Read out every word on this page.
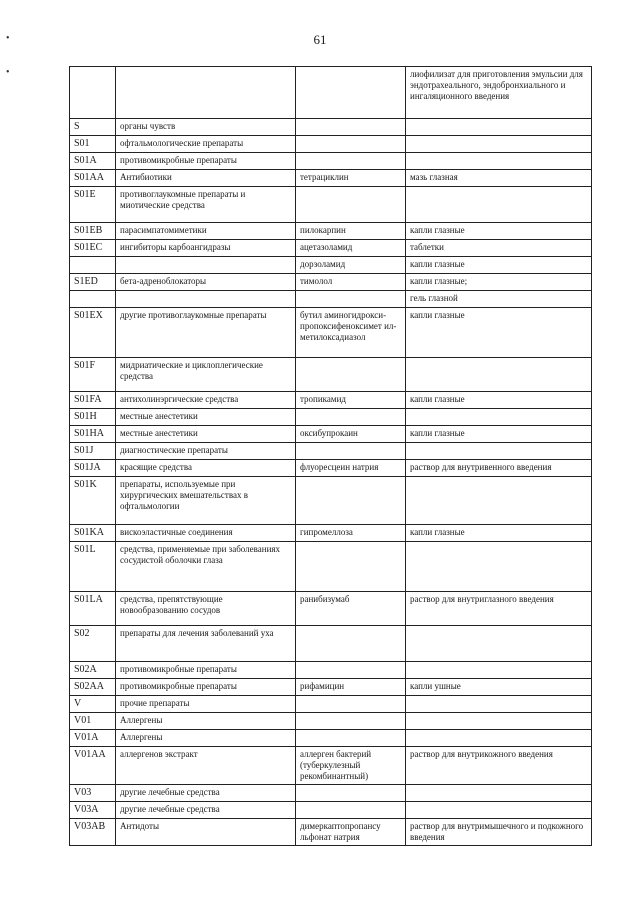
61
•
•
				лиофилизат для приготовления эмульсии для эндотрахеального, эндобронхиального и ингаляционного введения
S	органы чувств		
S01	офтальмологические препараты		
S01A	противомикробные препараты		
S01AA	Антибиотики	тетрациклин	мазь глазная
S01E	противоглаукомные препараты и миотические средства		
S01EB	парасимпатомиметики	пилокарпин	капли глазные
S01EC	ингибиторы карбоангидразы	ацетазоламид	таблетки
		дорзоламид	капли глазные
S1ED	бета-адреноблокаторы	тимолол	капли глазные;
			гель глазной
S01EX	другие противоглаукомные препараты	бутил аминогидрокси-пропоксифеноксимет ил-метилоксадиазол	капли глазные
S01F	мидриатические и циклоплегические средства		
S01FA	антихолинэргические средства	тропикамид	капли глазные
S01H	местные анестетики		
S01HA	местные анестетики	оксибупрокаин	капли глазные
S01J	диагностические препараты		
S01JA	красящие средства	флуоресцеин натрия	раствор для внутривенного введения
S01K	препараты, используемые при хирургических вмешательствах в офтальмологии		
S01KA	вискоэластичные соединения	гипромеллоза	капли глазные
S01L	средства, применяемые при заболеваниях сосудистой оболочки глаза		
S01LA	средства, препятствующие новообразованию сосудов	ранибизумаб	раствор для внутриглазного введения
S02	препараты для лечения заболеваний уха		
S02A	противомикробные препараты		
S02AA	противомикробные препараты	рифамицин	капли ушные
V	прочие препараты		
V01	Аллергены		
V01A	Аллергены		
V01AA	аллергенов экстракт	аллерген бактерий (туберкулезный рекомбинантный)	раствор для внутрикожного введения
V03	другие лечебные средства		
V03A	другие лечебные средства		
V03AB	Антидоты	димеркаптопропансу льфонат натрия	раствор для внутримышечного и подкожного введения
